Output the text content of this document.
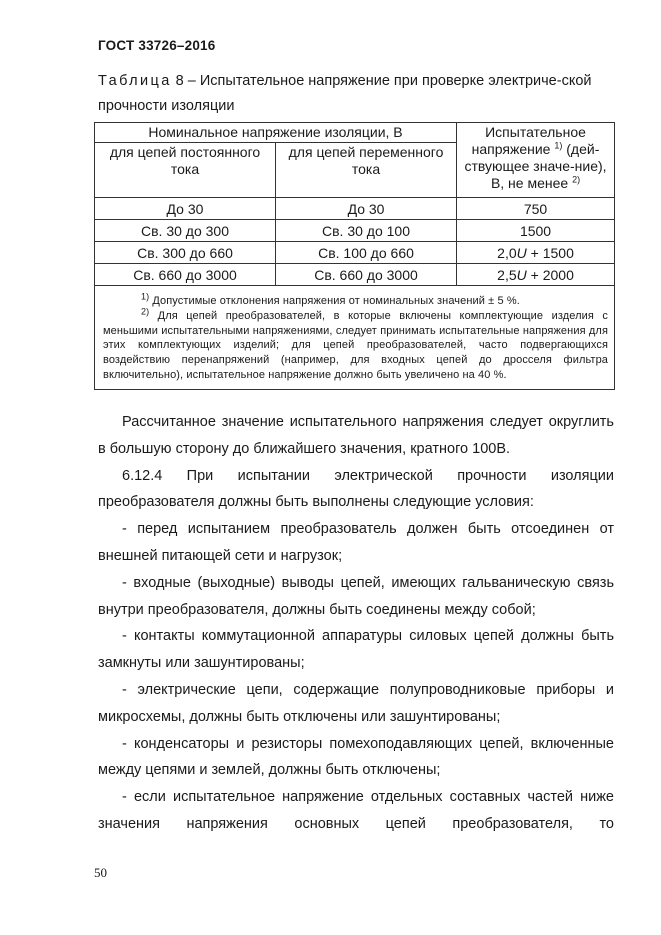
ГОСТ 33726–2016
Таблица 8 – Испытательное напряжение при проверке электриче-ской прочности изоляции
Номинальное напряжение изоляции, В		Испытательное напряжение $^{1)}$ (дей-ствующее значе-ние), В, не менее $^{2)}$
для цепей постоянного тока	для цепей переменного тока	
До 30	До 30	750
Св. 30 до 300	Св. 30 до 100	1500
Св. 300 до 660	Св. 100 до 660	2,0U + 1500
Св. 660 до 3000	Св. 660 до 3000	2,5U + 2000

$^{1)}$ Допустимые отклонения напряжения от номинальных значений ± 5 %.

$^{2)}$ Для цепей преобразователей, в которые включены комплектующие изделия с меньшими испытательными напряжениями, следует принимать испытательные напряжения для этих комплектующих изделий; для цепей преобразователей, часто подвергающихся воздействию перенапряжений (например, для входных цепей до дросселя фильтра включительно), испытательное напряжение должно быть увеличено на 40 %.		

Рассчитанное значение испытательного напряжения следует округлить в большую сторону до ближайшего значения, кратного 100В.

6.12.4 При испытании электрической прочности изоляции преобразователя должны быть выполнены следующие условия:

- перед испытанием преобразователь должен быть отсоединен от внешней питающей сети и нагрузок;

- входные (выходные) выводы цепей, имеющих гальваническую связь внутри преобразователя, должны быть соединены между собой;

- контакты коммутационной аппаратуры силовых цепей должны быть замкнуты или зашунтированы;

- электрические цепи, содержащие полупроводниковые приборы и микросхемы, должны быть отключены или зашунтированы;

- конденсаторы и резисторы помехоподавляющих цепей, включенные между цепями и землей, должны быть отключены;

- если испытательное напряжение отдельных составных частей ниже значения напряжения основных цепей преобразователя, то

50
